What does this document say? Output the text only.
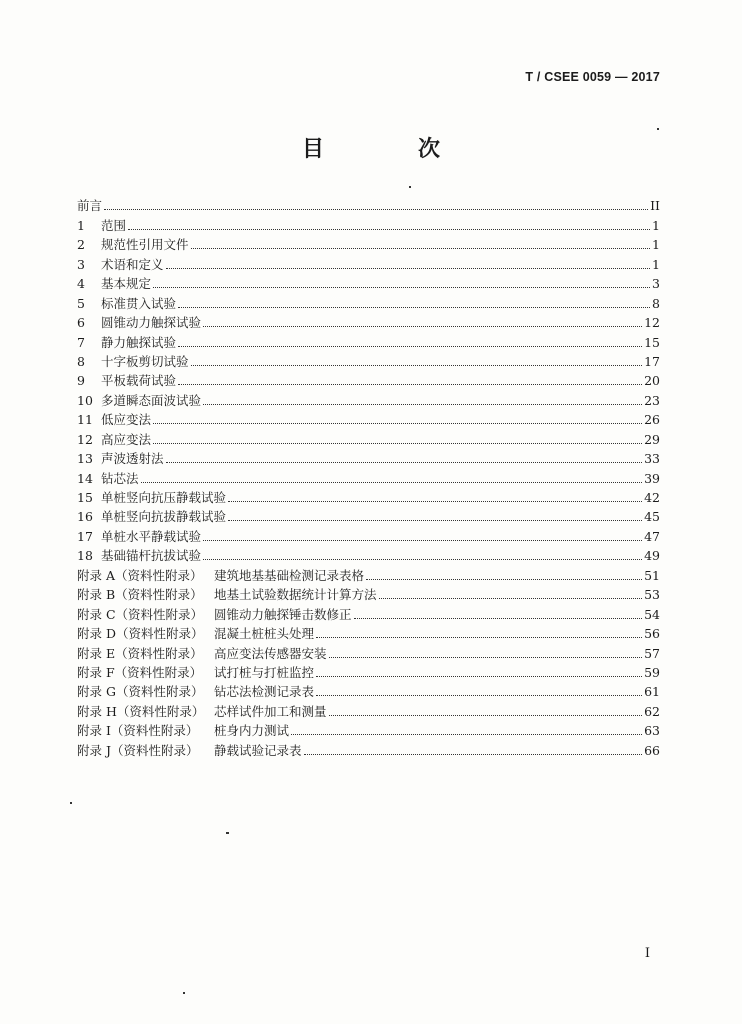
T / CSEE 0059 — 2017
目　次
前言	II
1	范围	1
2	规范性引用文件	1
3	术语和定义	1
4	基本规定	3
5	标准贯入试验	8
6	圆锥动力触探试验	12
7	静力触探试验	15
8	十字板剪切试验	17
9	平板载荷试验	20
10 多道瞬态面波试验	23
11 低应变法	26
12 高应变法	29
13 声波透射法	33
14 钻芯法	39
15 单桩竖向抗压静载试验	42
16 单桩竖向抗拔静载试验	45
17 单桩水平静载试验	47
18 基础锚杆抗拔试验	49
附录 A（资料性附录） 建筑地基基础检测记录表格	51
附录 B（资料性附录） 地基土试验数据统计计算方法	53
附录 C（资料性附录） 圆锥动力触探锤击数修正	54
附录 D（资料性附录） 混凝土桩桩头处理	56
附录 E（资料性附录） 高应变法传感器安装	57
附录 F（资料性附录） 试打桩与打桩监控	59
附录 G（资料性附录） 钻芯法检测记录表	61
附录 H（资料性附录） 芯样试件加工和测量	62
附录 I（资料性附录）	桩身内力测试	63
附录 J（资料性附录）	静载试验记录表	66
I
